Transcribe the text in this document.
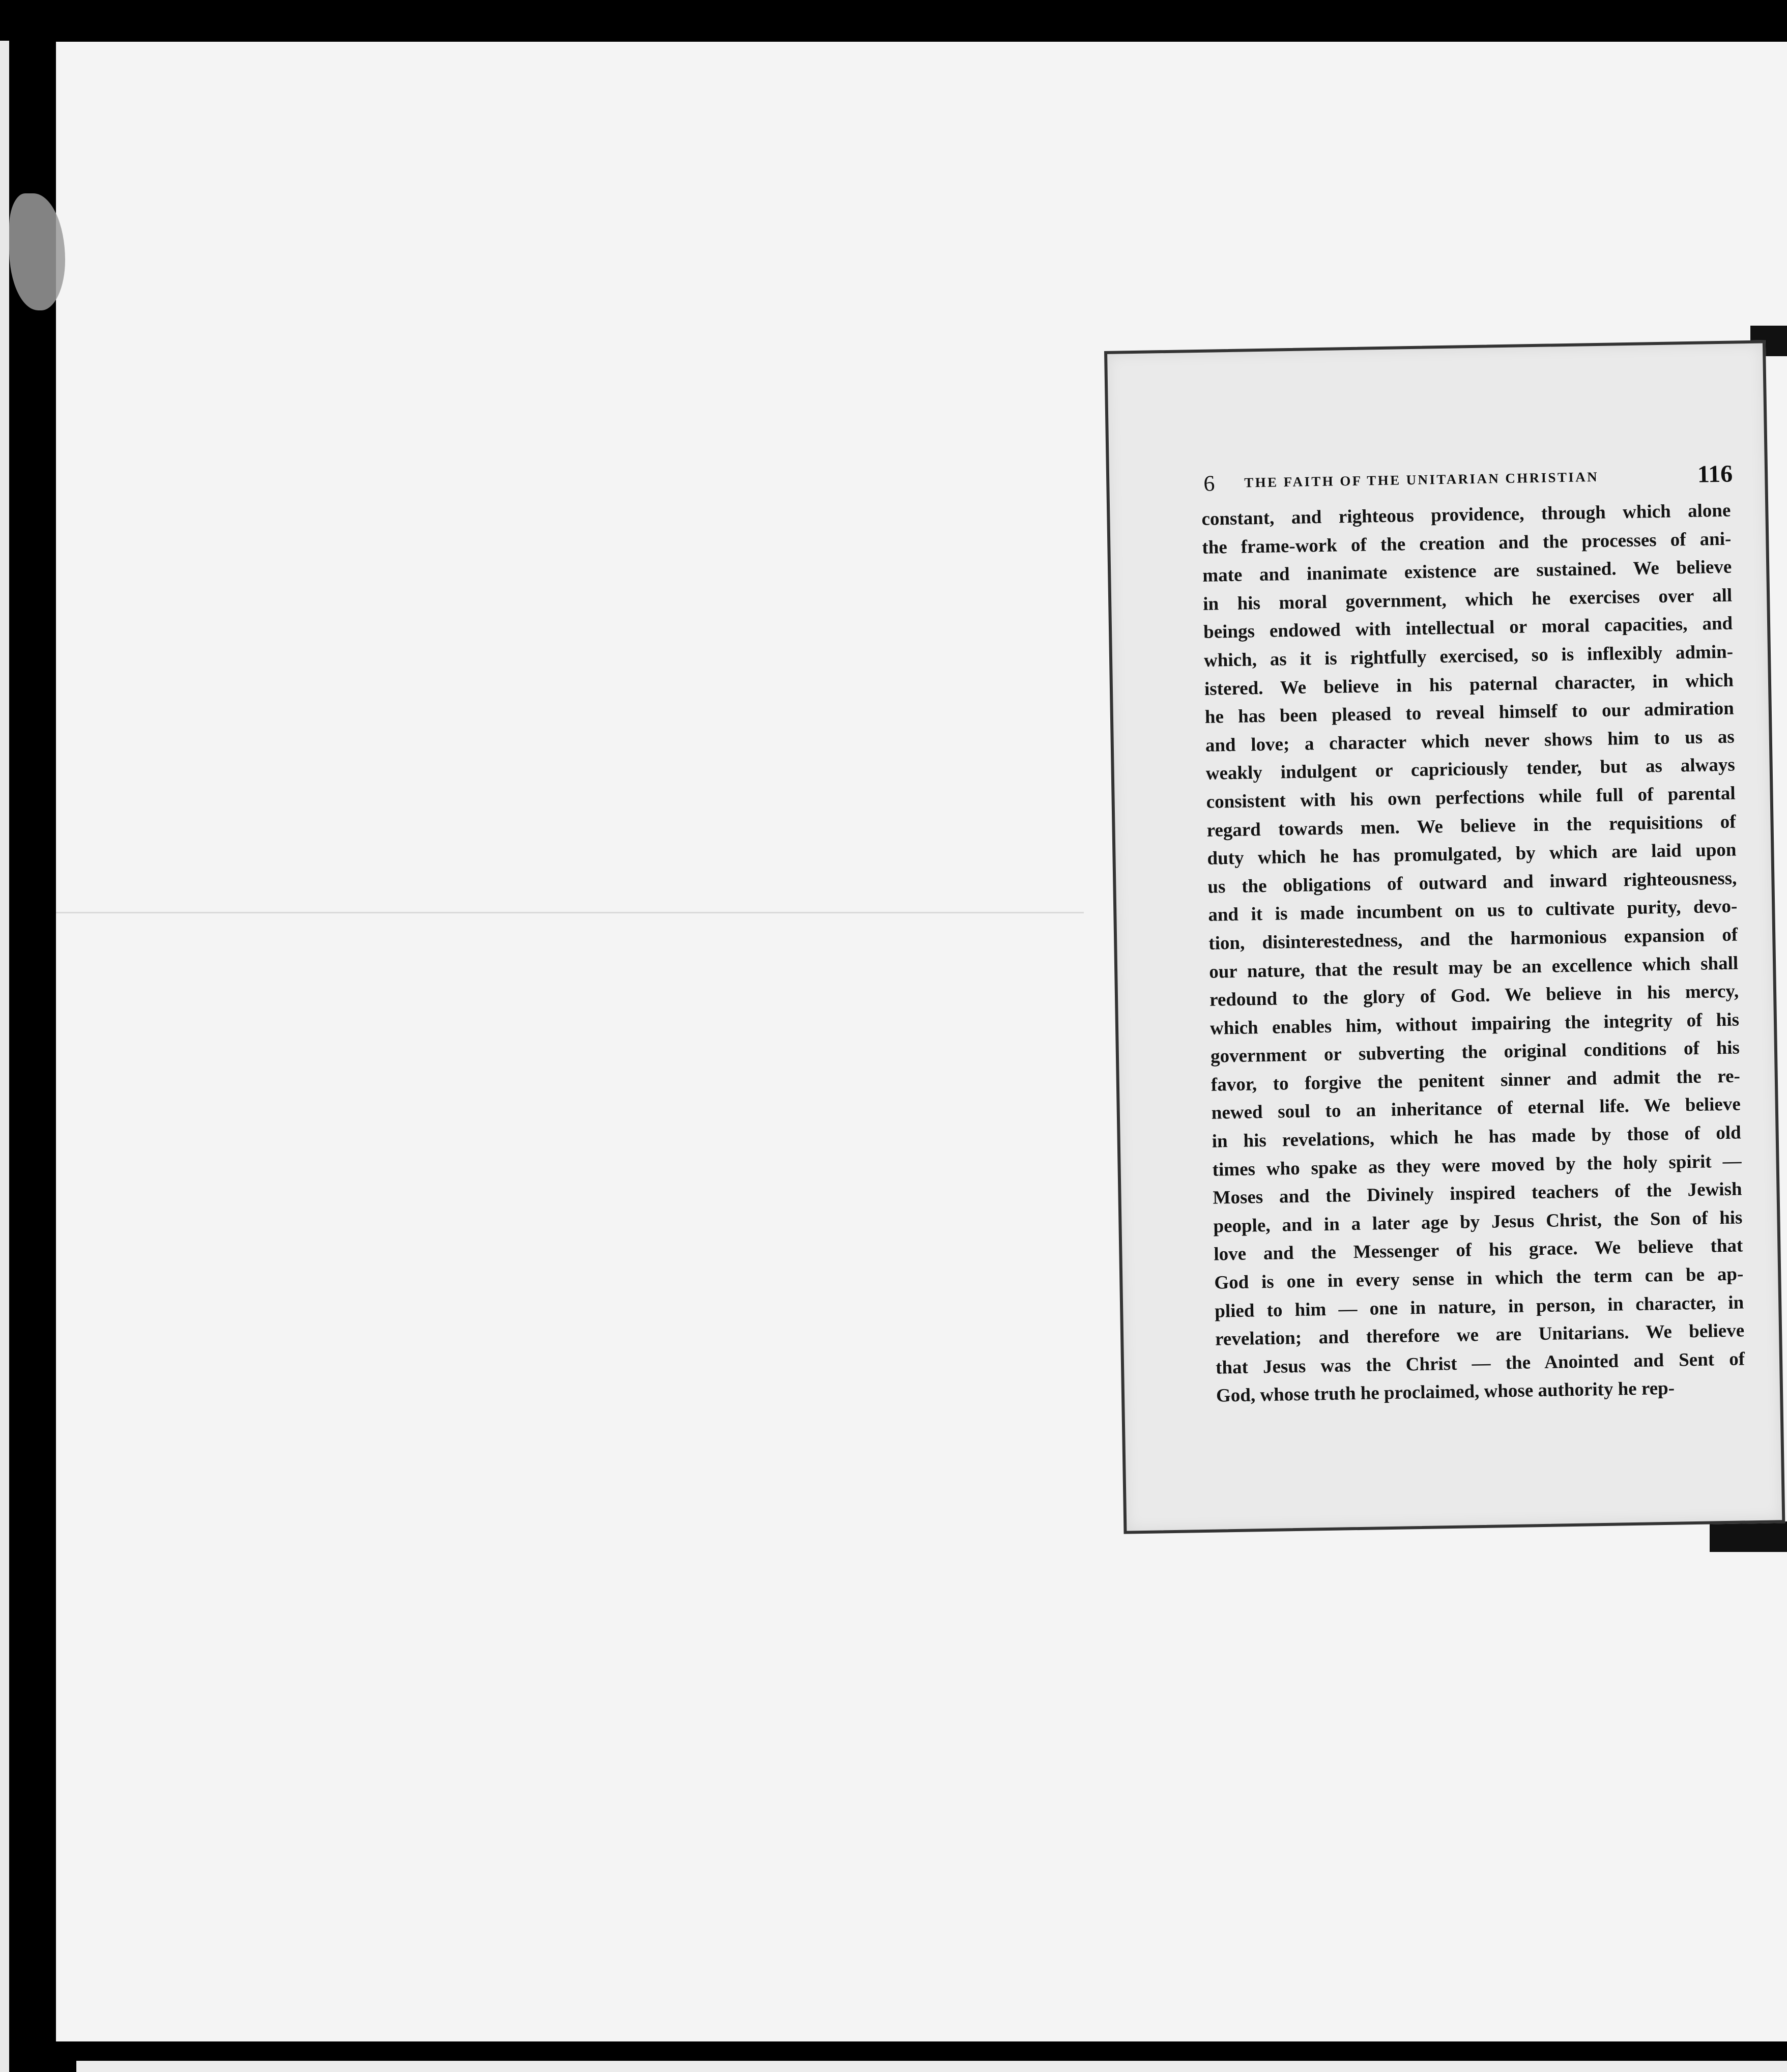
6 THE FAITH OF THE UNITARIAN CHRISTIAN	116
constant, and righteous providence, through which alone
the frame-work of the creation and the processes of ani-
mate and inanimate existence are sustained. We believe
in his moral government, which he exercises over all
beings endowed with intellectual or moral capacities, and
which, as it is rightfully exercised, so is inflexibly admin-
istered. We believe in his paternal character, in which
he has been pleased to reveal himself to our admiration
and love; a character which never shows him to us as
weakly indulgent or capriciously tender, but as always
consistent with his own perfections while full of parental
regard towards men. We believe in the requisitions of
duty which he has promulgated, by which are laid upon
us the obligations of outward and inward righteousness,
and it is made incumbent on us to cultivate purity, devo-
tion, disinterestedness, and the harmonious expansion of
our nature, that the result may be an excellence which shall
redound to the glory of God. We believe in his mercy,
which enables him, without impairing the integrity of his
government or subverting the original conditions of his
favor, to forgive the penitent sinner and admit the re-
newed soul to an inheritance of eternal life. We believe
in his revelations, which he has made by those of old
times who spake as they were moved by the holy spirit —
Moses and the Divinely inspired teachers of the Jewish
people, and in a later age by Jesus Christ, the Son of his
love and the Messenger of his grace. We believe that
God is one in every sense in which the term can be ap-
plied to him — one in nature, in person, in character, in
revelation; and therefore we are Unitarians. We believe
that Jesus was the Christ — the Anointed and Sent of
God, whose truth he proclaimed, whose authority he rep-
